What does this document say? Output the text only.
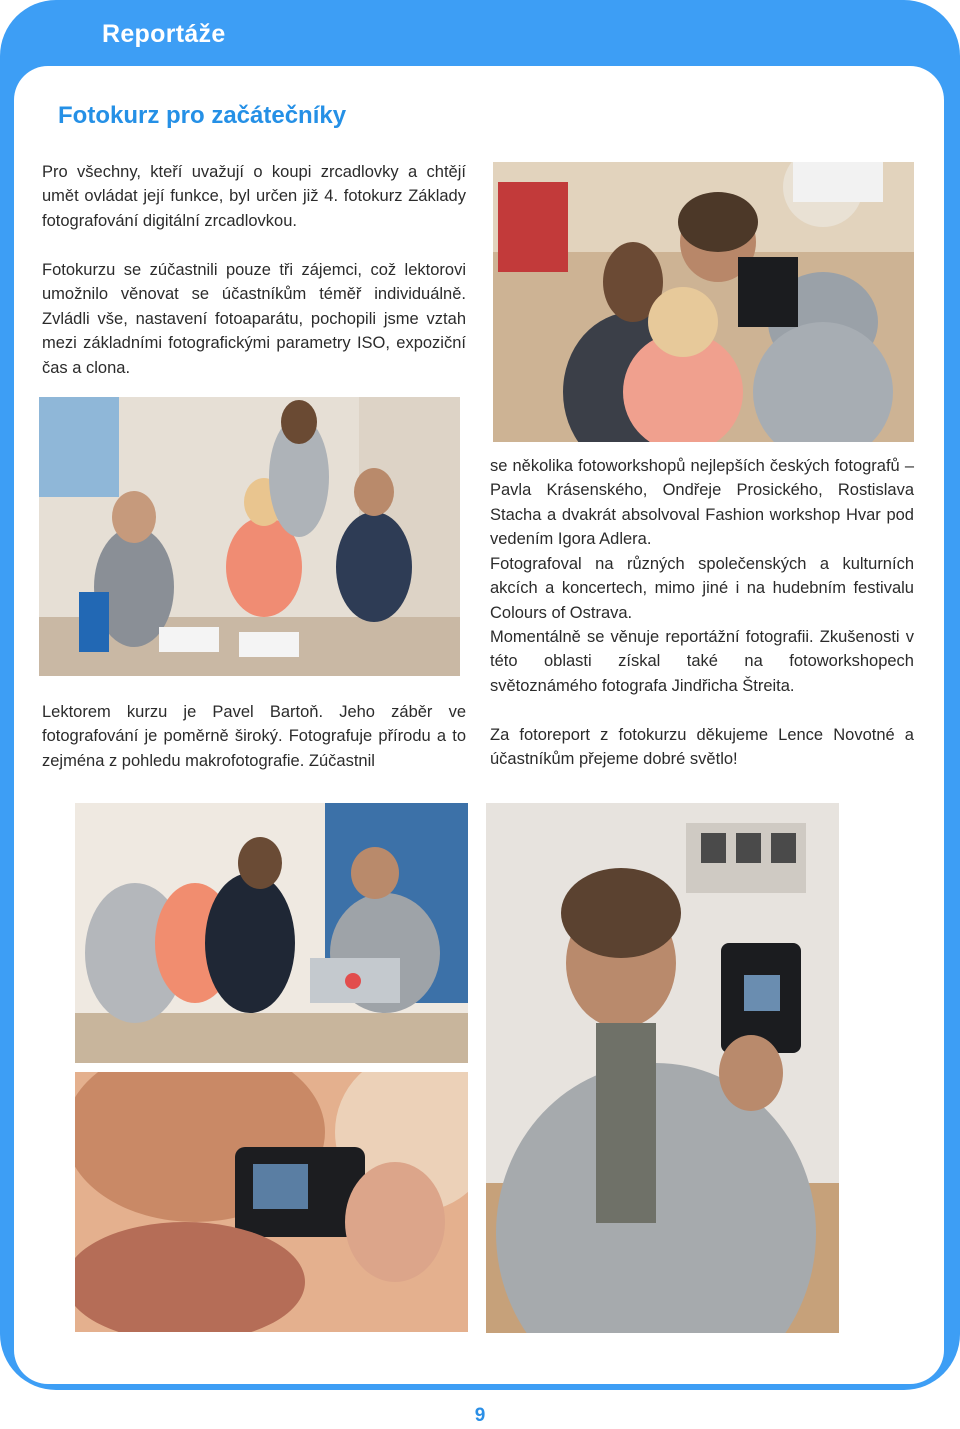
Reportáže
Fotokurz pro začátečníky

Pro všechny, kteří uvažují o koupi zrcadlovky a chtějí umět ovládat její funkce, byl určen již 4. fotokurz Základy fotografování digitální zrcadlovkou.

Fotokurzu se zúčastnili pouze tři zájemci, což lektorovi umožnilo věnovat se účastníkům téměř individuálně. Zvládli vše, nastavení fotoaparátu, pochopili jsme vztah mezi základními fotografickými parametry ISO, expoziční čas a clona.

Lektorem kurzu je Pavel Bartoň. Jeho záběr ve fotografování je poměrně široký. Fotografuje přírodu a to zejména z pohledu makrofotografie. Zúčastnil

se několika fotoworkshopů nejlepších českých fotografů – Pavla Krásenského, Ondřeje Prosického, Rostislava Stacha a dvakrát absolvoval Fashion workshop Hvar pod vedením Igora Adlera.

Fotografoval na různých společenských a kulturních akcích a koncertech, mimo jiné i na hudebním festivalu Colours of Ostrava.

Momentálně se věnuje reportážní fotografii. Zkušenosti v této oblasti získal také na fotoworkshopech světoznámého fotografa Jindřicha Štreita.

Za fotoreport z fotokurzu děkujeme Lence Novotné a účastníkům přejeme dobré světlo!

9
